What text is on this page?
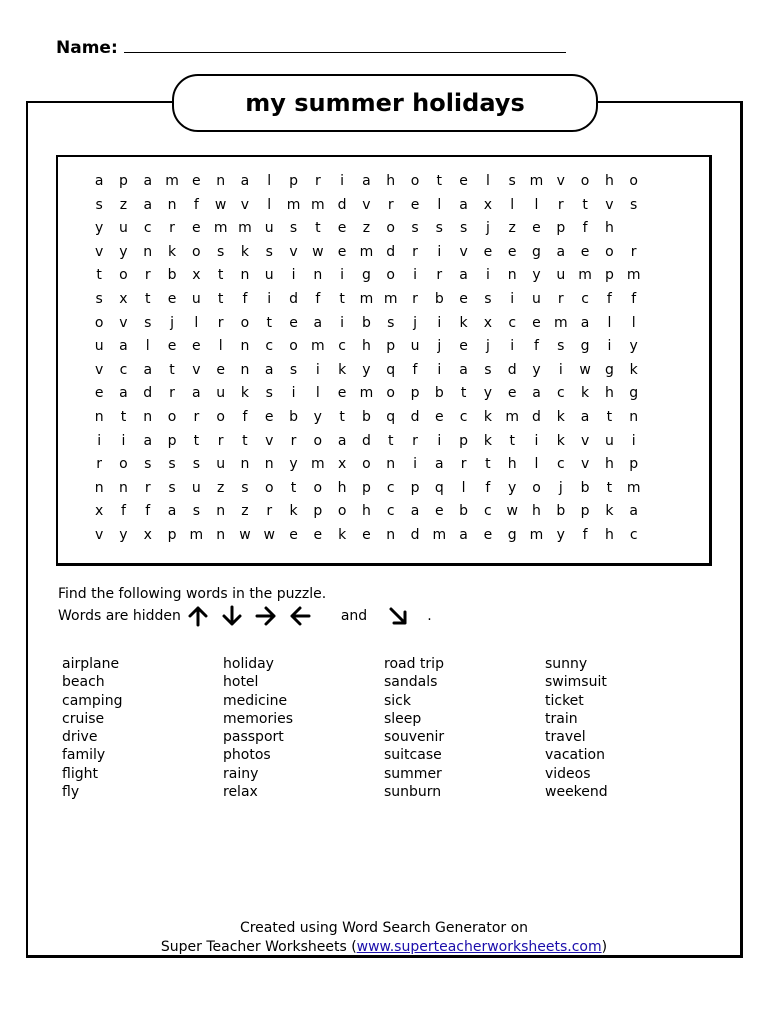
Name:
my summer holidays
a	p	a m e	n	a	l	p	r	i	a	h	o	t	e	l	s m v	o	h	o
s	z	a	n	f	w	v	l	m m d	v	r	e	l	a	x	l	l	r	t	v	s
y	u	c	r	e m m u	s	t	e	z	o	s	s	s	j	z	e	p	f	h
v	y	n	k	o	s	k	s	v	w	e m d	r	i	v	e	e	g	a	e	o	r
t	o	r	b	x	t	n	u	i	n	i	g	o	i	r	a	i	n	y	u m p m
s	x	t	e	u	t	f	i	d	f	t	m m	r	b	e	s	i	u	r	c	f	f
o	v	s	j	l	r	o	t	e	a	i	b	s	j	i	k	x	c	e m a	l	l
u	a	l	e	e	l	n	c	o m c	h	p	u	j	e	j	i	f	s	g	i	y
v	c	a	t	v	e	n	a	s	i	k	y	q	f	i	a	s	d	y	i	w	g	k
e	a	d	r	a	u	k	s	i	l	e m o	p	b	t	y	e	a	c	k	h	g
n	t	n	o	r	o	f	e	b	y	t	b	q	d	e	c	k m d	k	a	t	n
i	i	a	p	t	r	t	v	r	o	a	d	t	r	i	p	k	t	i	k	v	u	i
r	o	s	s	s	u	n	n	y m x	o	n	i	a	r	t	h	l	c	v	h	p
n	n	r	s	u	z	s	o	t	o	h	p	c	p	q	l	f	y	o	j	b	t	m
x	f	f	a	s	n	z	r	k	p	o	h	c	a	e	b	c	w	h	b	p	k	a
v	y	x	p m n	w w	e	e	k	e	n	d m a	e	g m y	f	h	c
Find the following words in the puzzle.
Words are hidden	and	.
airplane
beach
camping
cruise
drive
family
flight
fly
holiday
hotel
medicine
memories
passport
photos
rainy
relax
road trip
sandals
sick
sleep
souvenir
suitcase
summer
sunburn
sunny
swimsuit
ticket
train
travel
vacation
videos
weekend
Created using Word Search Generator on
Super Teacher Worksheets (www.superteacherworksheets.com)
